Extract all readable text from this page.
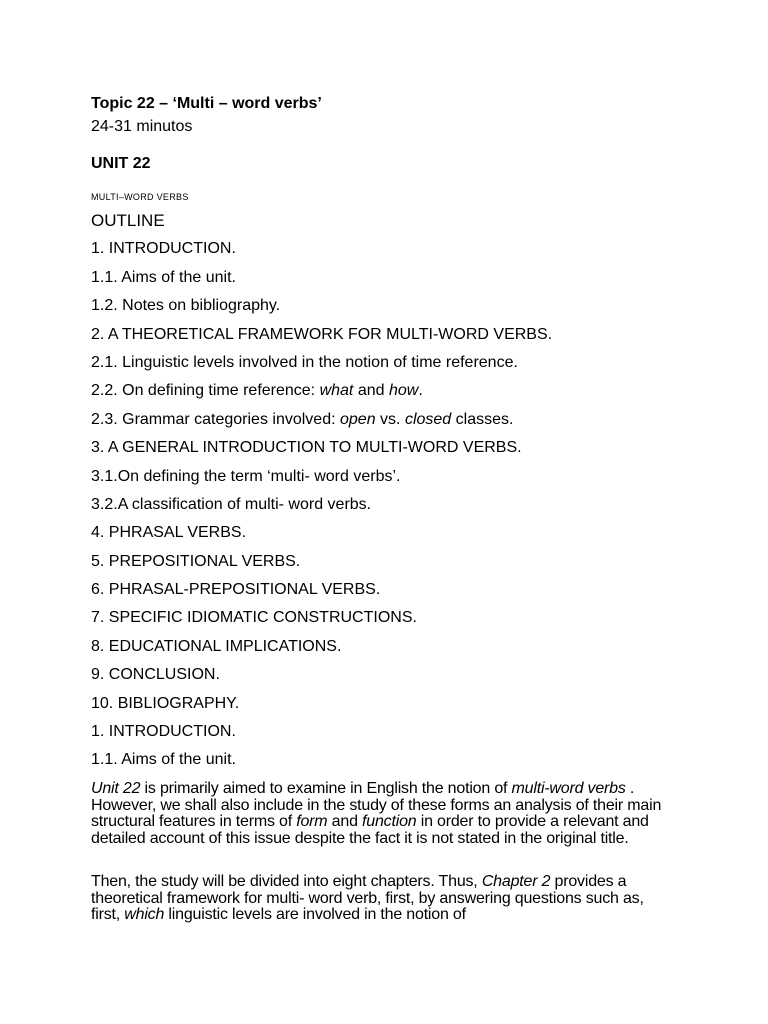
Topic 22 – ‘Multi – word verbs’
24-31 minutos
UNIT 22
MULTI–WORD VERBS
OUTLINE
1. INTRODUCTION.
1.1. Aims of the unit.
1.2. Notes on bibliography.
2. A THEORETICAL FRAMEWORK FOR MULTI-WORD VERBS.
2.1. Linguistic levels involved in the notion of time reference.
2.2. On defining time reference: what and how.
2.3. Grammar categories involved: open vs. closed classes.
3. A GENERAL INTRODUCTION TO MULTI-WORD VERBS.
3.1.On defining the term ‘multi- word verbs’.
3.2.A classification of multi- word verbs.
4. PHRASAL VERBS.
5. PREPOSITIONAL VERBS.
6. PHRASAL-PREPOSITIONAL VERBS.
7. SPECIFIC IDIOMATIC CONSTRUCTIONS.
8. EDUCATIONAL IMPLICATIONS.
9. CONCLUSION.
10. BIBLIOGRAPHY.
1. INTRODUCTION.
1.1. Aims of the unit.

Unit 22 is primarily aimed to examine in English the notion of multi-word verbs . However, we shall also include in the study of these forms an analysis of their main structural features in terms of form and function in order to provide a relevant and detailed account of this issue despite the fact it is not stated in the original title.

Then, the study will be divided into eight chapters. Thus, Chapter 2 provides a theoretical framework for multi- word verb, first, by answering questions such as, first, which linguistic levels are involved in the notion of
